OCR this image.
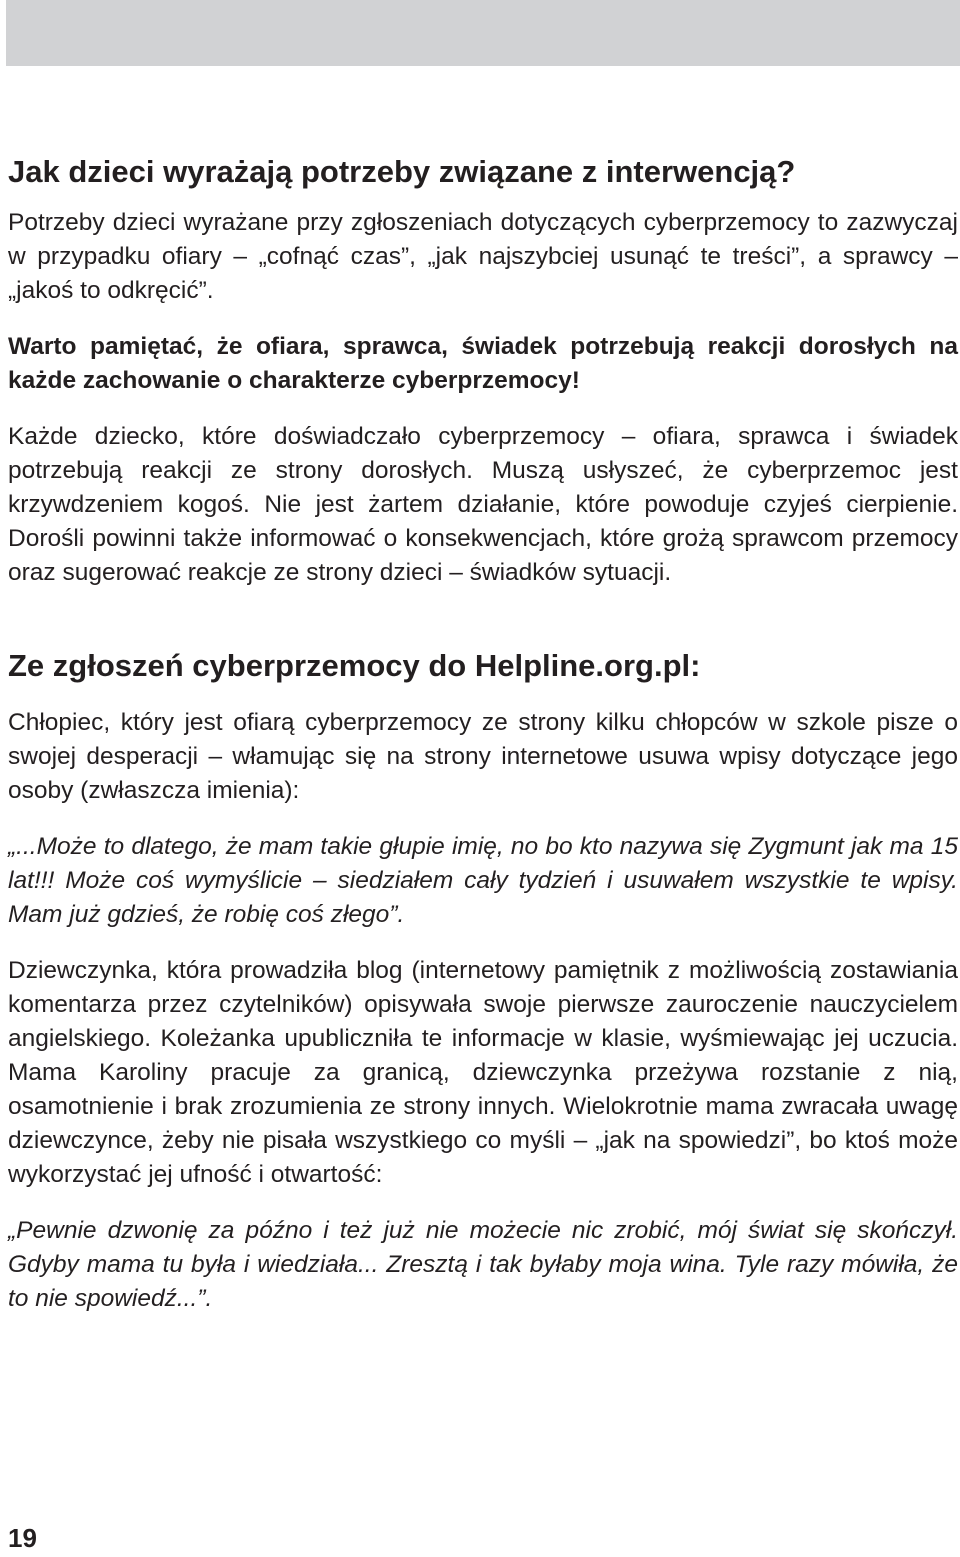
Jak dzieci wyrażają potrzeby związane z interwencją?

Potrzeby dzieci wyrażane przy zgłoszeniach dotyczących cyberprzemocy to zazwyczaj w przypadku ofiary – „cofnąć czas”, „jak najszybciej usunąć te treści”, a sprawcy – „jakoś to odkręcić”.

Warto pamiętać, że ofiara, sprawca, świadek potrzebują reakcji dorosłych na każde zachowanie o charakterze cyberprzemocy!

Każde dziecko, które doświadczało cyberprzemocy – ofiara, sprawca i świadek potrzebują reakcji ze strony dorosłych. Muszą usłyszeć, że cyberprzemoc jest krzywdzeniem kogoś. Nie jest żartem działanie, które powoduje czyjeś cierpienie. Dorośli powinni także informować o konsekwencjach, które grożą sprawcom przemocy oraz sugerować reakcje ze strony dzieci – świadków sytuacji.

Ze zgłoszeń cyberprzemocy do Helpline.org.pl:

Chłopiec, który jest ofiarą cyberprzemocy ze strony kilku chłopców w szkole pisze o swojej desperacji – włamując się na strony internetowe usuwa wpisy dotyczące jego osoby (zwłaszcza imienia):

„...Może to dlatego, że mam takie głupie imię, no bo kto nazywa się Zygmunt jak ma 15 lat!!! Może coś wymyślicie – siedziałem cały tydzień i usuwałem wszystkie te wpisy. Mam już gdzieś, że robię coś złego”.

Dziewczynka, która prowadziła blog (internetowy pamiętnik z możliwością zostawiania komentarza przez czytelników) opisywała swoje pierwsze zauroczenie nauczycielem angielskiego. Koleżanka upubliczniła te informacje w klasie, wyśmiewając jej uczucia. Mama Karoliny pracuje za granicą, dziewczynka przeżywa rozstanie z nią, osamotnienie i brak zrozumienia ze strony innych. Wielokrotnie mama zwracała uwagę dziewczynce, żeby nie pisała wszystkiego co myśli – „jak na spowiedzi”, bo ktoś może wykorzystać jej ufność i otwartość:

„Pewnie dzwonię za późno i też już nie możecie nic zrobić, mój świat się skończył. Gdyby mama tu była i wiedziała... Zresztą i tak byłaby moja wina. Tyle razy mówiła, że to nie spowiedź...”.

19
